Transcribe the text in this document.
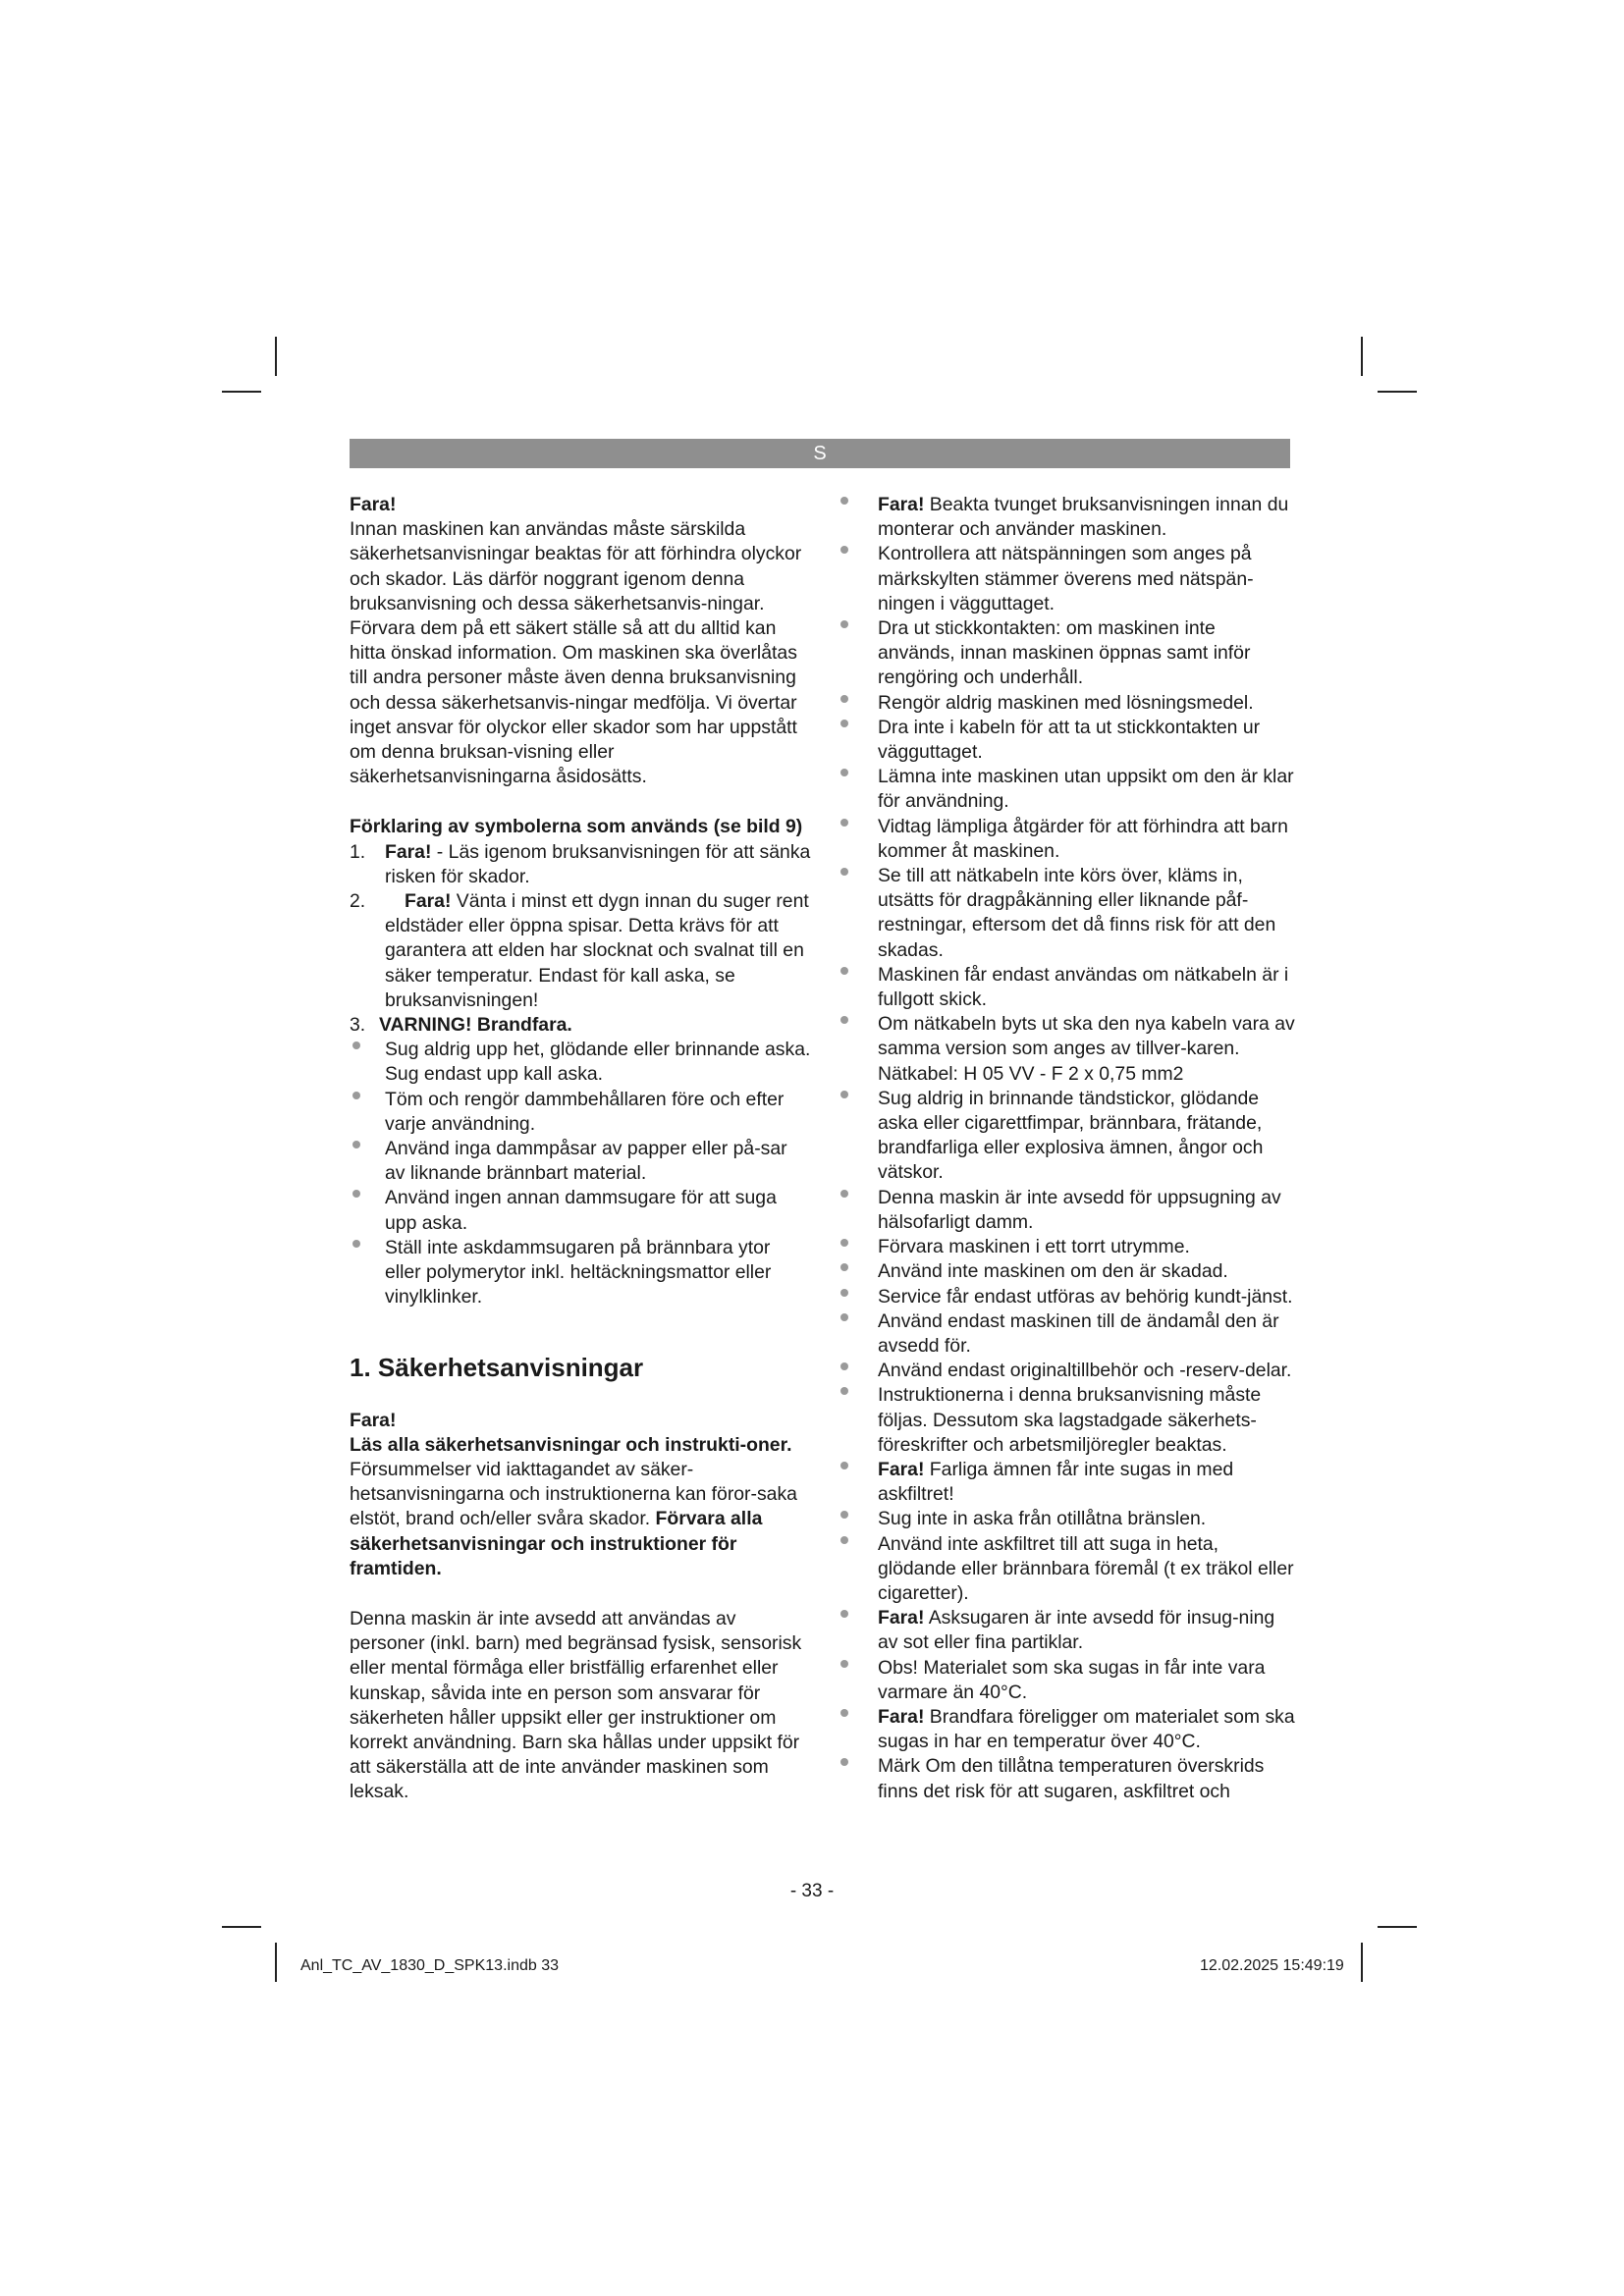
S

Fara!

Innan maskinen kan användas måste särskilda säkerhetsanvisningar beaktas för att förhindra olyckor och skador. Läs därför noggrant igenom denna bruksanvisning och dessa säkerhetsanvis-ningar. Förvara dem på ett säkert ställe så att du alltid kan hitta önskad information. Om maskinen ska överlåtas till andra personer måste även denna bruksanvisning och dessa säkerhetsanvis-ningar medfölja. Vi övertar inget ansvar för olyckor eller skador som har uppstått om denna bruksan-visning eller säkerhetsanvisningarna åsidosätts.

Förklaring av symbolerna som används (se bild 9)

1. Fara! - Läs igenom bruksanvisningen för att sänka risken för skador.
2. Fara! Vänta i minst ett dygn innan du suger rent eldstäder eller öppna spisar. Detta krävs för att garantera att elden har slocknat och svalnat till en säker temperatur. Endast för kall aska, se bruksanvisningen!
3. VARNING! Brandfara.
Sug aldrig upp het, glödande eller brinnande aska. Sug endast upp kall aska.
Töm och rengör dammbehållaren före och efter varje användning.
Använd inga dammpåsar av papper eller på-sar av liknande brännbart material.
Använd ingen annan dammsugare för att suga upp aska.
Ställ inte askdammsugaren på brännbara ytor eller polymerytor inkl. heltäckningsmattor eller vinylklinker.

1. Säkerhetsanvisningar

Fara!

Läs alla säkerhetsanvisningar och instrukti-oner. Försummelser vid iakttagandet av säker-hetsanvisningarna och instruktionerna kan föror-saka elstöt, brand och/eller svåra skador. Förvara alla säkerhetsanvisningar och instruktioner för framtiden.

Denna maskin är inte avsedd att användas av personer (inkl. barn) med begränsad fysisk, sensorisk eller mental förmåga eller bristfällig erfarenhet eller kunskap, såvida inte en person som ansvarar för säkerheten håller uppsikt eller ger instruktioner om korrekt användning. Barn ska hållas under uppsikt för att säkerställa att de inte använder maskinen som leksak.

Fara! Beakta tvunget bruksanvisningen innan du monterar och använder maskinen.
Kontrollera att nätspänningen som anges på märkskylten stämmer överens med nätspän-ningen i vägguttaget.
Dra ut stickkontakten: om maskinen inte används, innan maskinen öppnas samt inför rengöring och underhåll.
Rengör aldrig maskinen med lösningsmedel.
Dra inte i kabeln för att ta ut stickkontakten ur vägguttaget.
Lämna inte maskinen utan uppsikt om den är klar för användning.
Vidtag lämpliga åtgärder för att förhindra att barn kommer åt maskinen.
Se till att nätkabeln inte körs över, kläms in, utsätts för dragpåkänning eller liknande påf-restningar, eftersom det då finns risk för att den skadas.
Maskinen får endast användas om nätkabeln är i fullgott skick.
Om nätkabeln byts ut ska den nya kabeln vara av samma version som anges av tillver-karen. Nätkabel: H 05 VV - F 2 x 0,75 mm2
Sug aldrig in brinnande tändstickor, glödande aska eller cigarettfimpar, brännbara, frätande, brandfarliga eller explosiva ämnen, ångor och vätskor.
Denna maskin är inte avsedd för uppsugning av hälsofarligt damm.
Förvara maskinen i ett torrt utrymme.
Använd inte maskinen om den är skadad.
Service får endast utföras av behörig kundt-jänst.
Använd endast maskinen till de ändamål den är avsedd för.
Använd endast originaltillbehör och -reserv-delar.
Instruktionerna i denna bruksanvisning måste följas. Dessutom ska lagstadgade säkerhets-föreskrifter och arbetsmiljöregler beaktas.
Fara! Farliga ämnen får inte sugas in med askfiltret!
Sug inte in aska från otillåtna bränslen.
Använd inte askfiltret till att suga in heta, glödande eller brännbara föremål (t ex träkol eller cigaretter).
Fara! Asksugaren är inte avsedd för insug-ning av sot eller fina partiklar.
Obs! Materialet som ska sugas in får inte vara varmare än 40°C.
Fara! Brandfara föreligger om materialet som ska sugas in har en temperatur över 40°C.
Märk Om den tillåtna temperaturen överskrids finns det risk för att sugaren, askfiltret och
- 33 -
Anl_TC_AV_1830_D_SPK13.indb 33	12.02.2025 15:49:19
